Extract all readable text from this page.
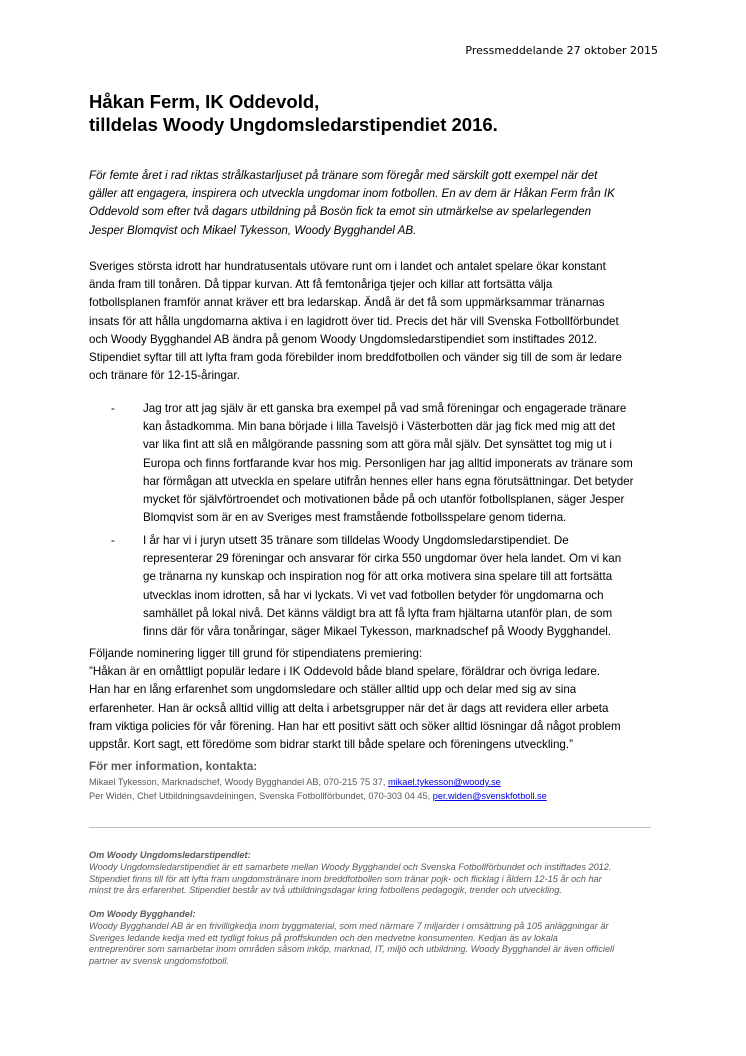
Pressmeddelande 27 oktober 2015
Håkan Ferm, IK Oddevold,
tilldelas Woody Ungdomsledarstipendiet 2016.

För femte året i rad riktas strålkastarljuset på tränare som föregår med särskilt gott exempel när det
gäller att engagera, inspirera och utveckla ungdomar inom fotbollen. En av dem är Håkan Ferm från IK
Oddevold som efter två dagars utbildning på Bosön fick ta emot sin utmärkelse av spelarlegenden
Jesper Blomqvist och Mikael Tykesson, Woody Bygghandel AB.

Sveriges största idrott har hundratusentals utövare runt om i landet och antalet spelare ökar konstant
ända fram till tonåren. Då tippar kurvan. Att få femtonåriga tjejer och killar att fortsätta välja
fotbollsplanen framför annat kräver ett bra ledarskap. Ändå är det få som uppmärksammar tränarnas
insats för att hålla ungdomarna aktiva i en lagidrott över tid. Precis det här vill Svenska Fotbollförbundet
och Woody Bygghandel AB ändra på genom Woody Ungdomsledarstipendiet som instiftades 2012.
Stipendiet syftar till att lyfta fram goda förebilder inom breddfotbollen och vänder sig till de som är ledare
och tränare för 12-15-åringar.

- Jag tror att jag själv är ett ganska bra exempel på vad små föreningar och engagerade tränare
kan åstadkomma. Min bana började i lilla Tavelsjö i Västerbotten där jag fick med mig att det
var lika fint att slå en målgörande passning som att göra mål själv. Det synsättet tog mig ut i
Europa och finns fortfarande kvar hos mig. Personligen har jag alltid imponerats av tränare som
har förmågan att utveckla en spelare utifrån hennes eller hans egna förutsättningar. Det betyder
mycket för självförtroendet och motivationen både på och utanför fotbollsplanen, säger Jesper
Blomqvist som är en av Sveriges mest framstående fotbollsspelare genom tiderna.

- I år har vi i juryn utsett 35 tränare som tilldelas Woody Ungdomsledarstipendiet. De
representerar 29 föreningar och ansvarar för cirka 550 ungdomar över hela landet. Om vi kan
ge tränarna ny kunskap och inspiration nog för att orka motivera sina spelare till att fortsätta
utvecklas inom idrotten, så har vi lyckats. Vi vet vad fotbollen betyder för ungdomarna och
samhället på lokal nivå. Det känns väldigt bra att få lyfta fram hjältarna utanför plan, de som
finns där för våra tonåringar, säger Mikael Tykesson, marknadschef på Woody Bygghandel.

Följande nominering ligger till grund för stipendiatens premiering:
”Håkan är en omåttligt populär ledare i IK Oddevold både bland spelare, föräldrar och övriga ledare.
Han har en lång erfarenhet som ungdomsledare och ställer alltid upp och delar med sig av sina
erfarenheter. Han är också alltid villig att delta i arbetsgrupper när det är dags att revidera eller arbeta
fram viktiga policies för vår förening. Han har ett positivt sätt och söker alltid lösningar då något problem
uppstår. Kort sagt, ett föredöme som bidrar starkt till både spelare och föreningens utveckling.”

För mer information, kontakta:
Mikael Tykesson, Marknadschef, Woody Bygghandel AB, 070-215 75 37, mikael.tykesson@woody.se
Per Widén, Chef Utbildningsavdelningen, Svenska Fotbollförbundet, 070-303 04 45, per.widen@svenskfotboll.se
Om Woody Ungdomsledarstipendiet:

Woody Ungdomsledarstipendiet är ett samarbete mellan Woody Bygghandel och Svenska Fotbollförbundet och instiftades 2012.
Stipendiet finns till för att lyfta fram ungdomstränare inom breddfotbollen som tränar pojk- och flicklag i åldern 12-15 år och har
minst tre års erfarenhet. Stipendiet består av två utbildningsdagar kring fotbollens pedagogik, trender och utveckling.

Om Woody Bygghandel:

Woody Bygghandel AB är en frivilligkedja inom byggmaterial, som med närmare 7 miljarder i omsättning på 105 anläggningar är
Sveriges ledande kedja med ett tydligt fokus på proffskunden och den medvetne konsumenten. Kedjan äs av lokala
entreprenörer som samarbetar inom områden såsom inköp, marknad, IT, miljö och utbildning. Woody Bygghandel är även officiell
partner av svensk ungdomsfotboll.
